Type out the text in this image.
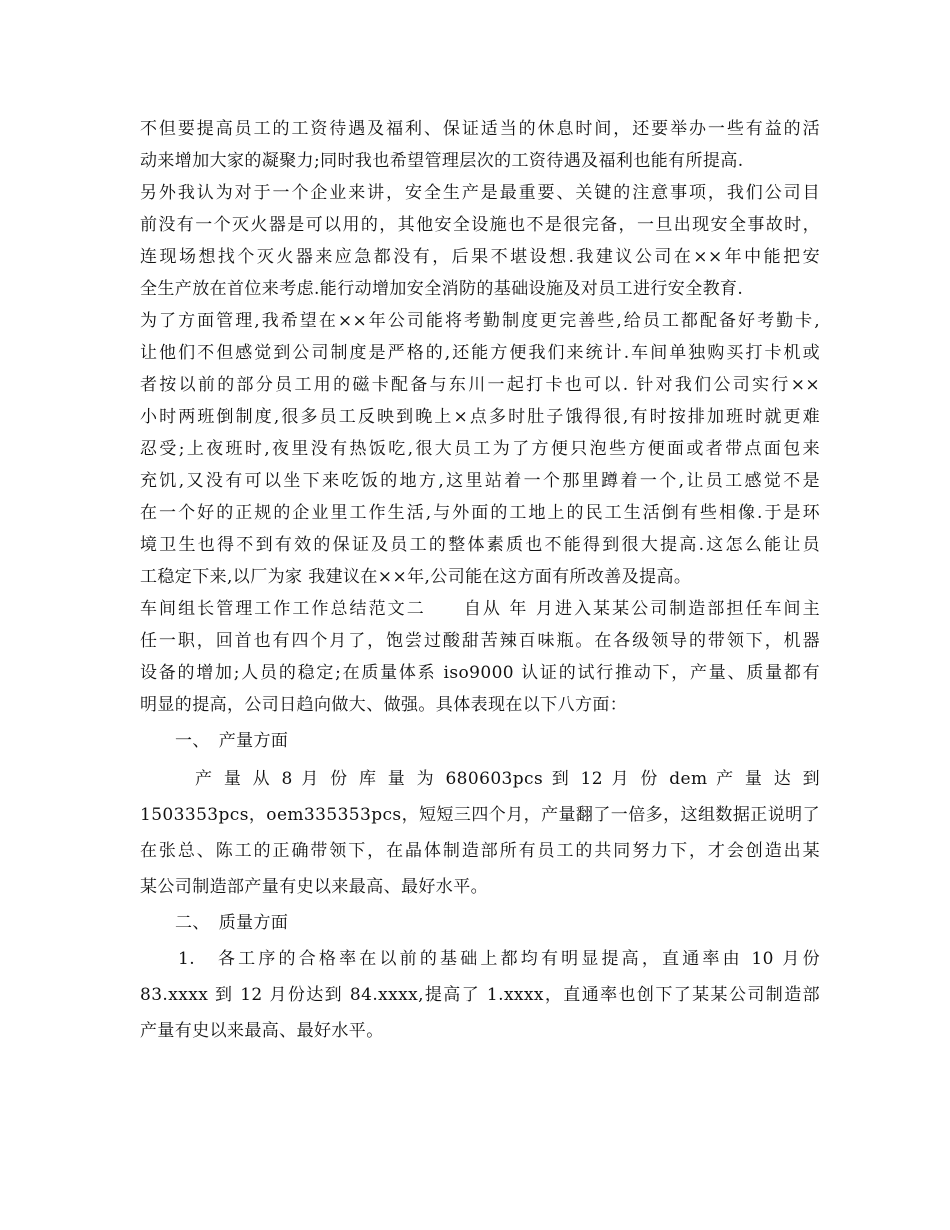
不但要提高员工的工资待遇及福利、保证适当的休息时间，还要举办一些有益的活
动来增加大家的凝聚力;同时我也希望管理层次的工资待遇及福利也能有所提高.
另外我认为对于一个企业来讲，安全生产是最重要、关键的注意事项，我们公司目
前没有一个灭火器是可以用的，其他安全设施也不是很完备，一旦出现安全事故时，
连现场想找个灭火器来应急都没有，后果不堪设想.我建议公司在××年中能把安
全生产放在首位来考虑.能行动增加安全消防的基础设施及对员工进行安全教育.
为了方面管理,我希望在××年公司能将考勤制度更完善些,给员工都配备好考勤卡,
让他们不但感觉到公司制度是严格的,还能方便我们来统计.车间单独购买打卡机或
者按以前的部分员工用的磁卡配备与东川一起打卡也可以. 针对我们公司实行××
小时两班倒制度,很多员工反映到晚上×点多时肚子饿得很,有时按排加班时就更难
忍受;上夜班时,夜里没有热饭吃,很大员工为了方便只泡些方便面或者带点面包来
充饥,又没有可以坐下来吃饭的地方,这里站着一个那里蹲着一个,让员工感觉不是
在一个好的正规的企业里工作生活,与外面的工地上的民工生活倒有些相像.于是环
境卫生也得不到有效的保证及员工的整体素质也不能得到很大提高.这怎么能让员
工稳定下来,以厂为家 我建议在××年,公司能在这方面有所改善及提高。
车间组长管理工作工作总结范文二　　自从 年 月进入某某公司制造部担任车间主
任一职，回首也有四个月了，饱尝过酸甜苦辣百味瓶。在各级领导的带领下，机器
设备的增加;人员的稳定;在质量体系 iso9000 认证的试行推动下，产量、质量都有
明显的提高，公司日趋向做大、做强。具体表现在以下八方面：
一、　产量方面
产 量 从 8 月 份 库 量 为 680603pcs 到 12 月 份 dem 产 量 达 到
1503353pcs，oem335353pcs，短短三四个月，产量翻了一倍多，这组数据正说明了
在张总、陈工的正确带领下，在晶体制造部所有员工的共同努力下，才会创造出某
某公司制造部产量有史以来最高、最好水平。
二、　质量方面
1.　各工序的合格率在以前的基础上都均有明显提高，直通率由 10 月份
83.xxxx 到 12 月份达到 84.xxxx,提高了 1.xxxx，直通率也创下了某某公司制造部
产量有史以来最高、最好水平。
